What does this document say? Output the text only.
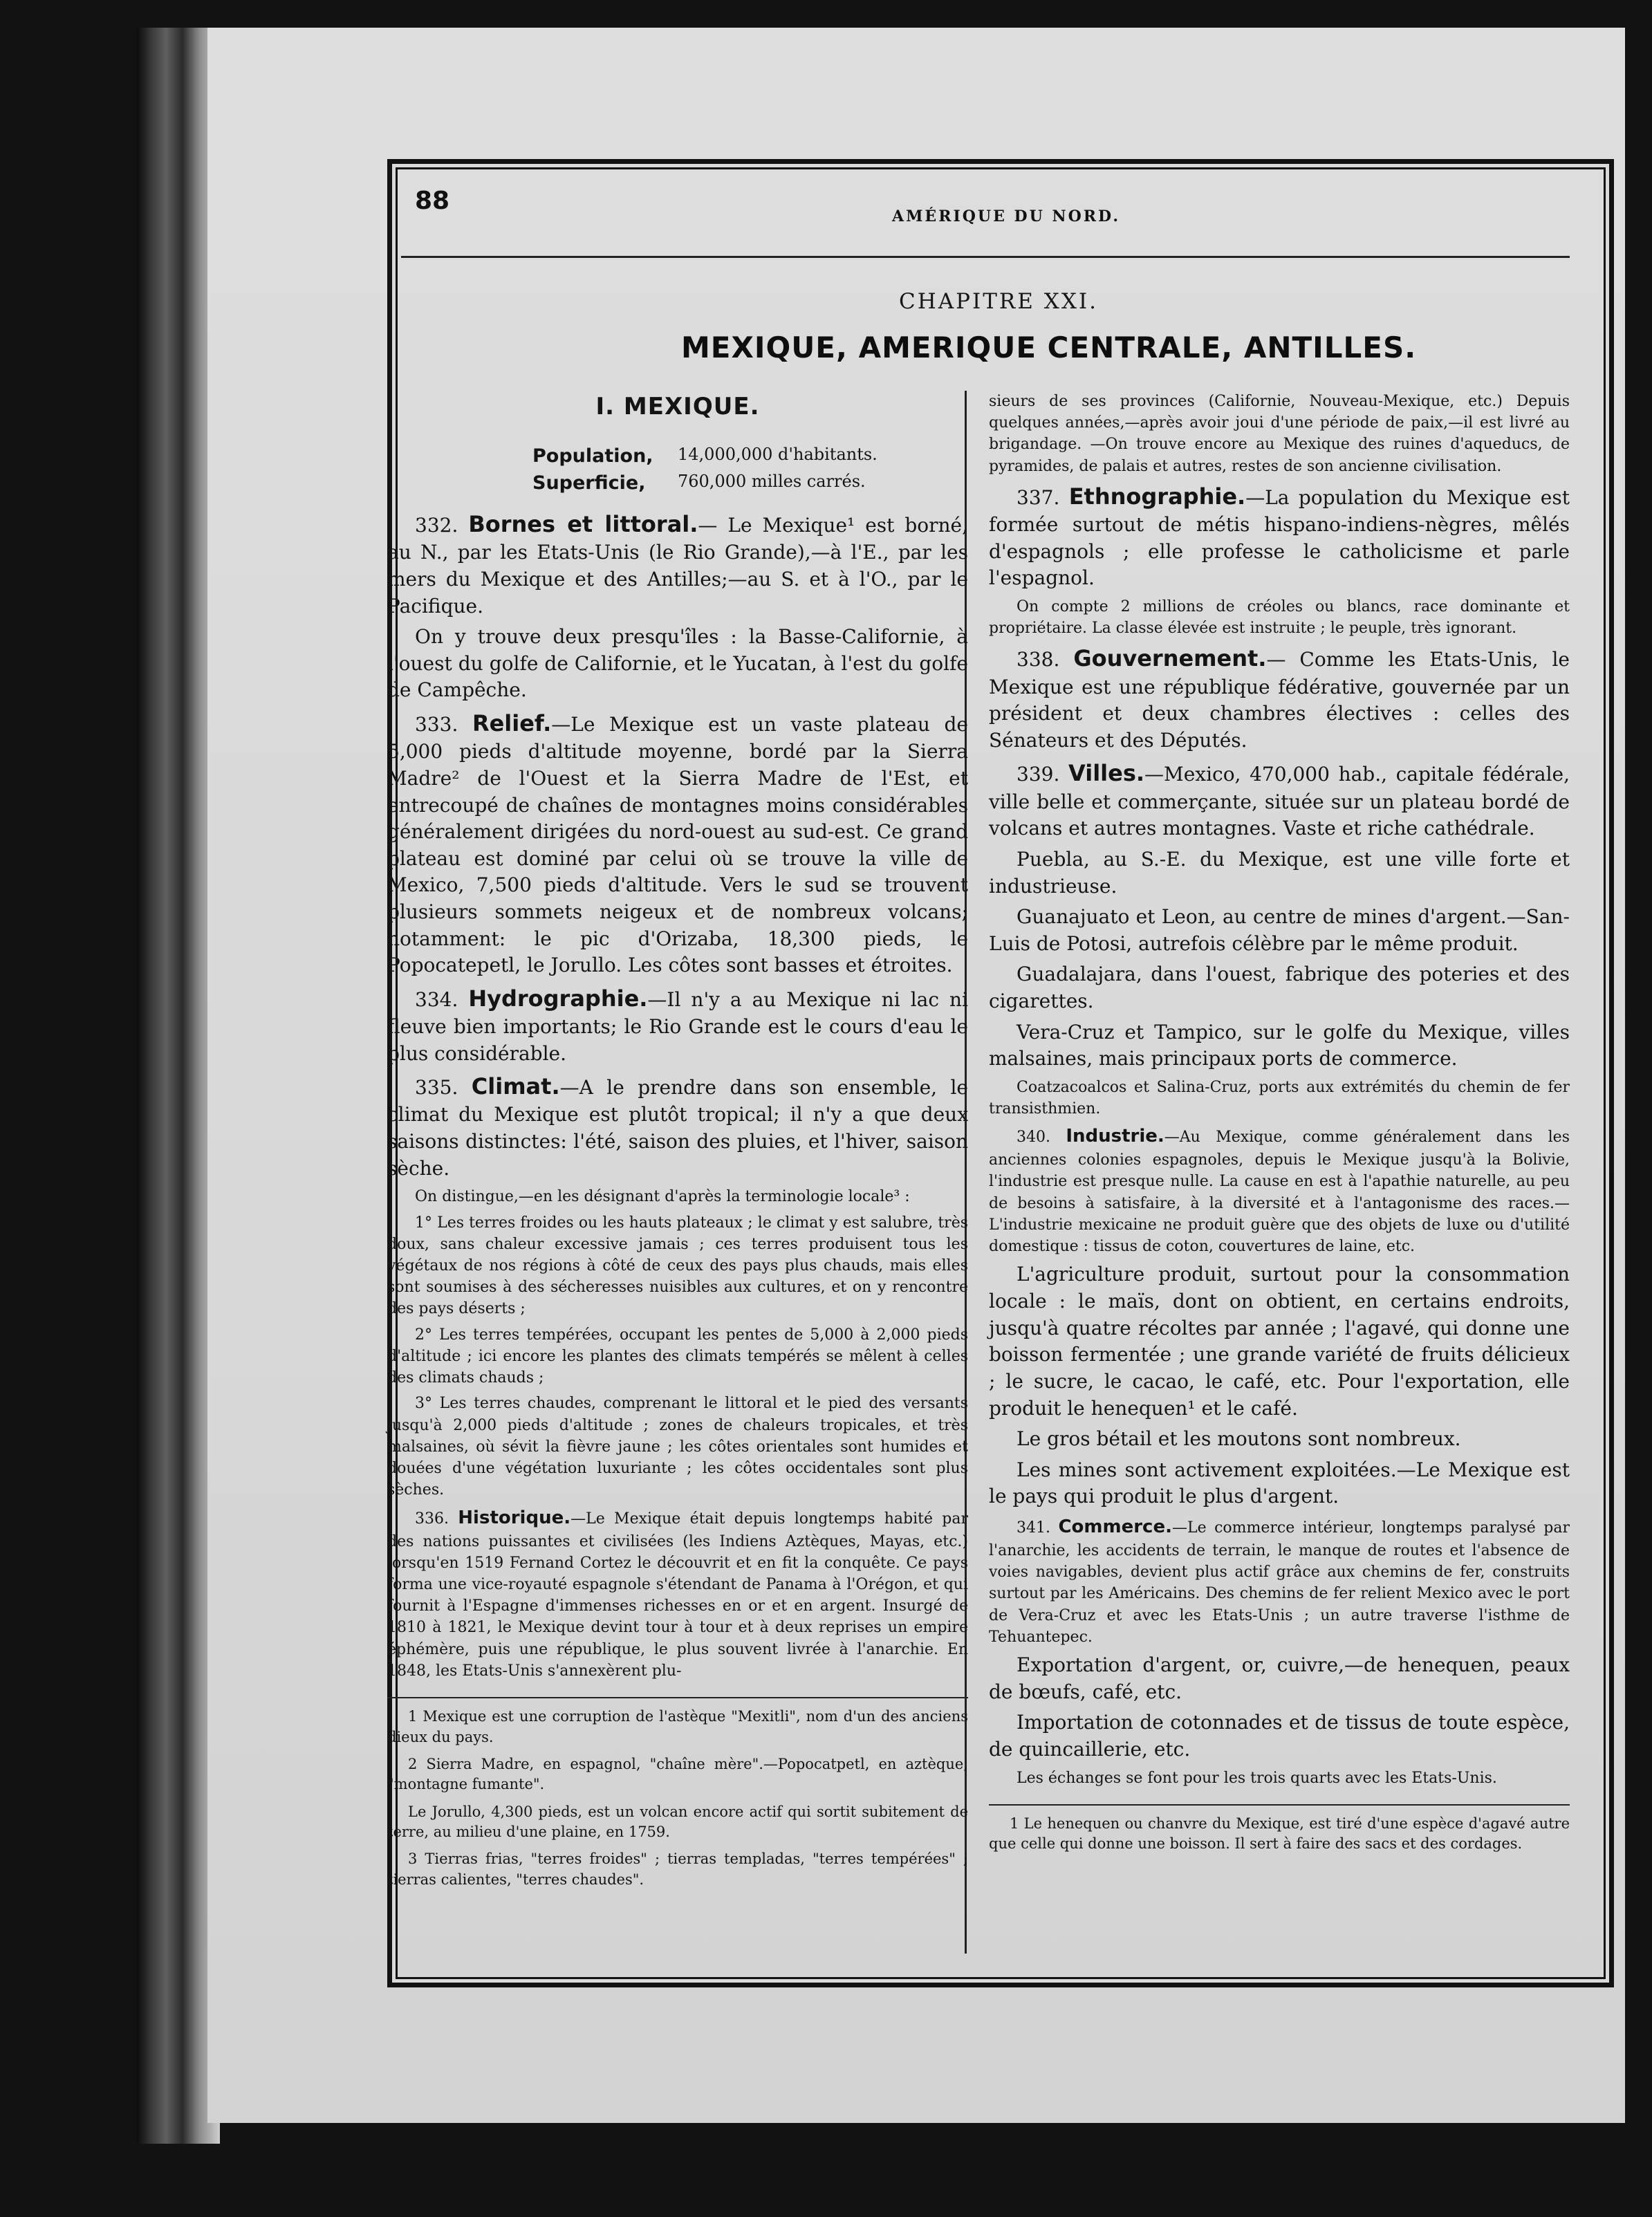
88
AMÉRIQUE DU NORD.
CHAPITRE XXI.
MEXIQUE, AMERIQUE CENTRALE, ANTILLES.
I. MEXIQUE.
Population,	14,000,000 d'habitants.
Superficie,	760,000 milles carrés.

332. Bornes et littoral.— Le Mexique¹ est borné, au N., par les Etats-Unis (le Rio Grande),—à l'E., par les mers du Mexique et des Antilles;—au S. et à l'O., par le Pacifique.

On y trouve deux presqu'îles : la Basse-Californie, à l'ouest du golfe de Californie, et le Yucatan, à l'est du golfe de Campêche.

333. Relief.—Le Mexique est un vaste plateau de 5,000 pieds d'altitude moyenne, bordé par la Sierra Madre² de l'Ouest et la Sierra Madre de l'Est, et entrecoupé de chaînes de montagnes moins considérables généralement dirigées du nord-ouest au sud-est. Ce grand plateau est dominé par celui où se trouve la ville de Mexico, 7,500 pieds d'altitude. Vers le sud se trouvent plusieurs sommets neigeux et de nombreux volcans; notamment: le pic d'Orizaba, 18,300 pieds, le Popocatepetl, le Jorullo. Les côtes sont basses et étroites.

334. Hydrographie.—Il n'y a au Mexique ni lac ni fleuve bien importants; le Rio Grande est le cours d'eau le plus considérable.

335. Climat.—A le prendre dans son ensemble, le climat du Mexique est plutôt tropical; il n'y a que deux saisons distinctes: l'été, saison des pluies, et l'hiver, saison sèche.

On distingue,—en les désignant d'après la terminologie locale³ :

1° Les terres froides ou les hauts plateaux ; le climat y est salubre, très doux, sans chaleur excessive jamais ; ces terres produisent tous les végétaux de nos régions à côté de ceux des pays plus chauds, mais elles sont soumises à des sécheresses nuisibles aux cultures, et on y rencontre des pays déserts ;

2° Les terres tempérées, occupant les pentes de 5,000 à 2,000 pieds d'altitude ; ici encore les plantes des climats tempérés se mêlent à celles des climats chauds ;

3° Les terres chaudes, comprenant le littoral et le pied des versants jusqu'à 2,000 pieds d'altitude ; zones de chaleurs tropicales, et très malsaines, où sévit la fièvre jaune ; les côtes orientales sont humides et douées d'une végétation luxuriante ; les côtes occidentales sont plus sèches.

336. Historique.—Le Mexique était depuis longtemps habité par des nations puissantes et civilisées (les Indiens Aztèques, Mayas, etc.) lorsqu'en 1519 Fernand Cortez le découvrit et en fit la conquête. Ce pays forma une vice-royauté espagnole s'étendant de Panama à l'Orégon, et qui fournit à l'Espagne d'immenses richesses en or et en argent. Insurgé de 1810 à 1821, le Mexique devint tour à tour et à deux reprises un empire éphémère, puis une république, le plus souvent livrée à l'anarchie. En 1848, les Etats-Unis s'annexèrent plu-

1 Mexique est une corruption de l'astèque "Mexitli", nom d'un des anciens dieux du pays.

2 Sierra Madre, en espagnol, "chaîne mère".—Popocatpetl, en aztèque, "montagne fumante".

Le Jorullo, 4,300 pieds, est un volcan encore actif qui sortit subitement de terre, au milieu d'une plaine, en 1759.

3 Tierras frias, "terres froides" ; tierras templadas, "terres tempérées" ; tierras calientes, "terres chaudes".

sieurs de ses provinces (Californie, Nouveau-Mexique, etc.) Depuis quelques années,—après avoir joui d'une période de paix,—il est livré au brigandage. —On trouve encore au Mexique des ruines d'aqueducs, de pyramides, de palais et autres, restes de son ancienne civilisation.

337. Ethnographie.—La population du Mexique est formée surtout de métis hispano-indiens-nègres, mêlés d'espagnols ; elle professe le catholicisme et parle l'espagnol.

On compte 2 millions de créoles ou blancs, race dominante et propriétaire. La classe élevée est instruite ; le peuple, très ignorant.

338. Gouvernement.— Comme les Etats-Unis, le Mexique est une république fédérative, gouvernée par un président et deux chambres électives : celles des Sénateurs et des Députés.

339. Villes.—Mexico, 470,000 hab., capitale fédérale, ville belle et commerçante, située sur un plateau bordé de volcans et autres montagnes. Vaste et riche cathédrale.

Puebla, au S.-E. du Mexique, est une ville forte et industrieuse.

Guanajuato et Leon, au centre de mines d'argent.—San-Luis de Potosi, autrefois célèbre par le même produit.

Guadalajara, dans l'ouest, fabrique des poteries et des cigarettes.

Vera-Cruz et Tampico, sur le golfe du Mexique, villes malsaines, mais principaux ports de commerce.

Coatzacoalcos et Salina-Cruz, ports aux extrémités du chemin de fer transisthmien.

340. Industrie.—Au Mexique, comme généralement dans les anciennes colonies espagnoles, depuis le Mexique jusqu'à la Bolivie, l'industrie est presque nulle. La cause en est à l'apathie naturelle, au peu de besoins à satisfaire, à la diversité et à l'antagonisme des races.—L'industrie mexicaine ne produit guère que des objets de luxe ou d'utilité domestique : tissus de coton, couvertures de laine, etc.

L'agriculture produit, surtout pour la consommation locale : le maïs, dont on obtient, en certains endroits, jusqu'à quatre récoltes par année ; l'agavé, qui donne une boisson fermentée ; une grande variété de fruits délicieux ; le sucre, le cacao, le café, etc. Pour l'exportation, elle produit le henequen¹ et le café.

Le gros bétail et les moutons sont nombreux.

Les mines sont activement exploitées.—Le Mexique est le pays qui produit le plus d'argent.

341. Commerce.—Le commerce intérieur, longtemps paralysé par l'anarchie, les accidents de terrain, le manque de routes et l'absence de voies navigables, devient plus actif grâce aux chemins de fer, construits surtout par les Américains. Des chemins de fer relient Mexico avec le port de Vera-Cruz et avec les Etats-Unis ; un autre traverse l'isthme de Tehuantepec.

Exportation d'argent, or, cuivre,—de henequen, peaux de bœufs, café, etc.

Importation de cotonnades et de tissus de toute espèce, de quincaillerie, etc.

Les échanges se font pour les trois quarts avec les Etats-Unis.

1 Le henequen ou chanvre du Mexique, est tiré d'une espèce d'agavé autre que celle qui donne une boisson. Il sert à faire des sacs et des cordages.
